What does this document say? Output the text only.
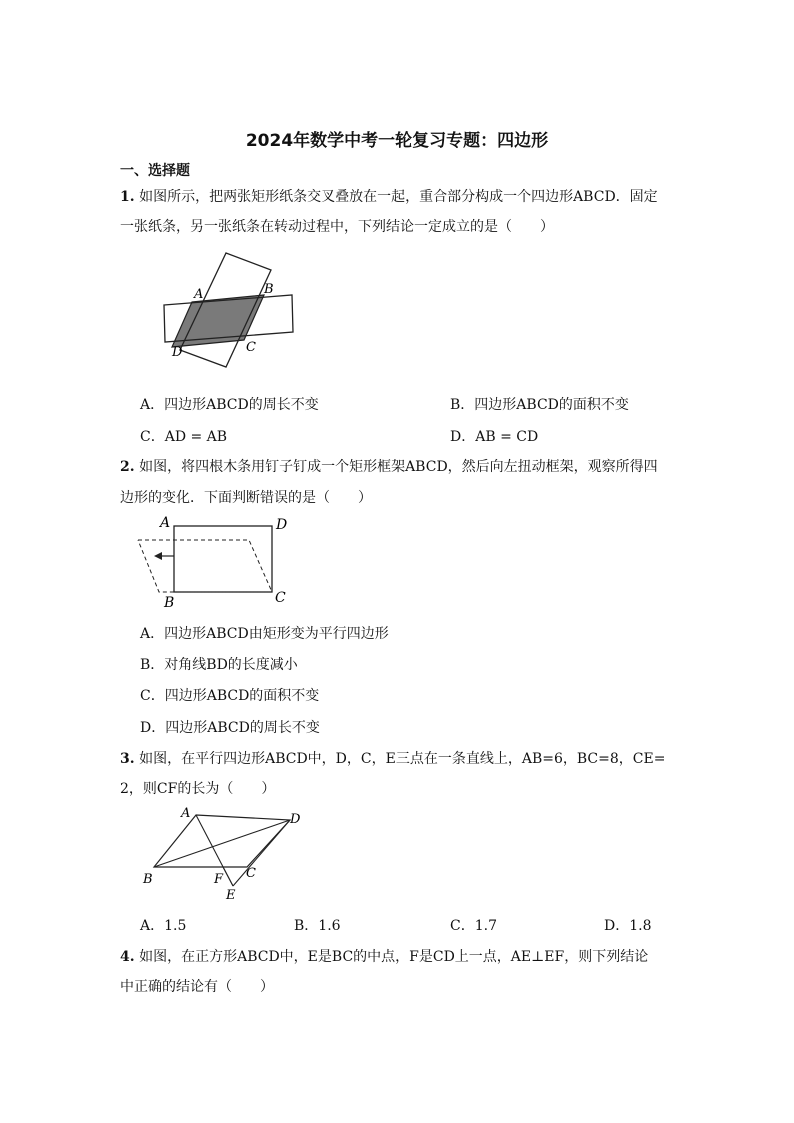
2024年数学中考一轮复习专题：四边形
一、选择题
1. 如图所示，把两张矩形纸条交叉叠放在一起，重合部分构成一个四边形ABCD．固定
一张纸条，另一张纸条在转动过程中，下列结论一定成立的是（　　）
A	B
C
D
A．四边形ABCD的周长不变	B．四边形ABCD的面积不变
C．AD = AB	D．AB = CD
2. 如图，将四根木条用钉子钉成一个矩形框架ABCD，然后向左扭动框架，观察所得四
边形的变化．下面判断错误的是（　　）
A	D
B	C
A．四边形ABCD由矩形变为平行四边形
B．对角线BD的长度减小
C．四边形ABCD的面积不变
D．四边形ABCD的周长不变
3. 如图，在平行四边形ABCD中，D，C，E三点在一条直线上，AB=6，BC=8，CE=
2，则CF的长为（　　）
A	D
B	F C
E
A．1.5	B．1.6	C．1.7	D．1.8
4. 如图，在正方形ABCD中，E是BC的中点，F是CD上一点，AE⊥EF，则下列结论
中正确的结论有（　　）
